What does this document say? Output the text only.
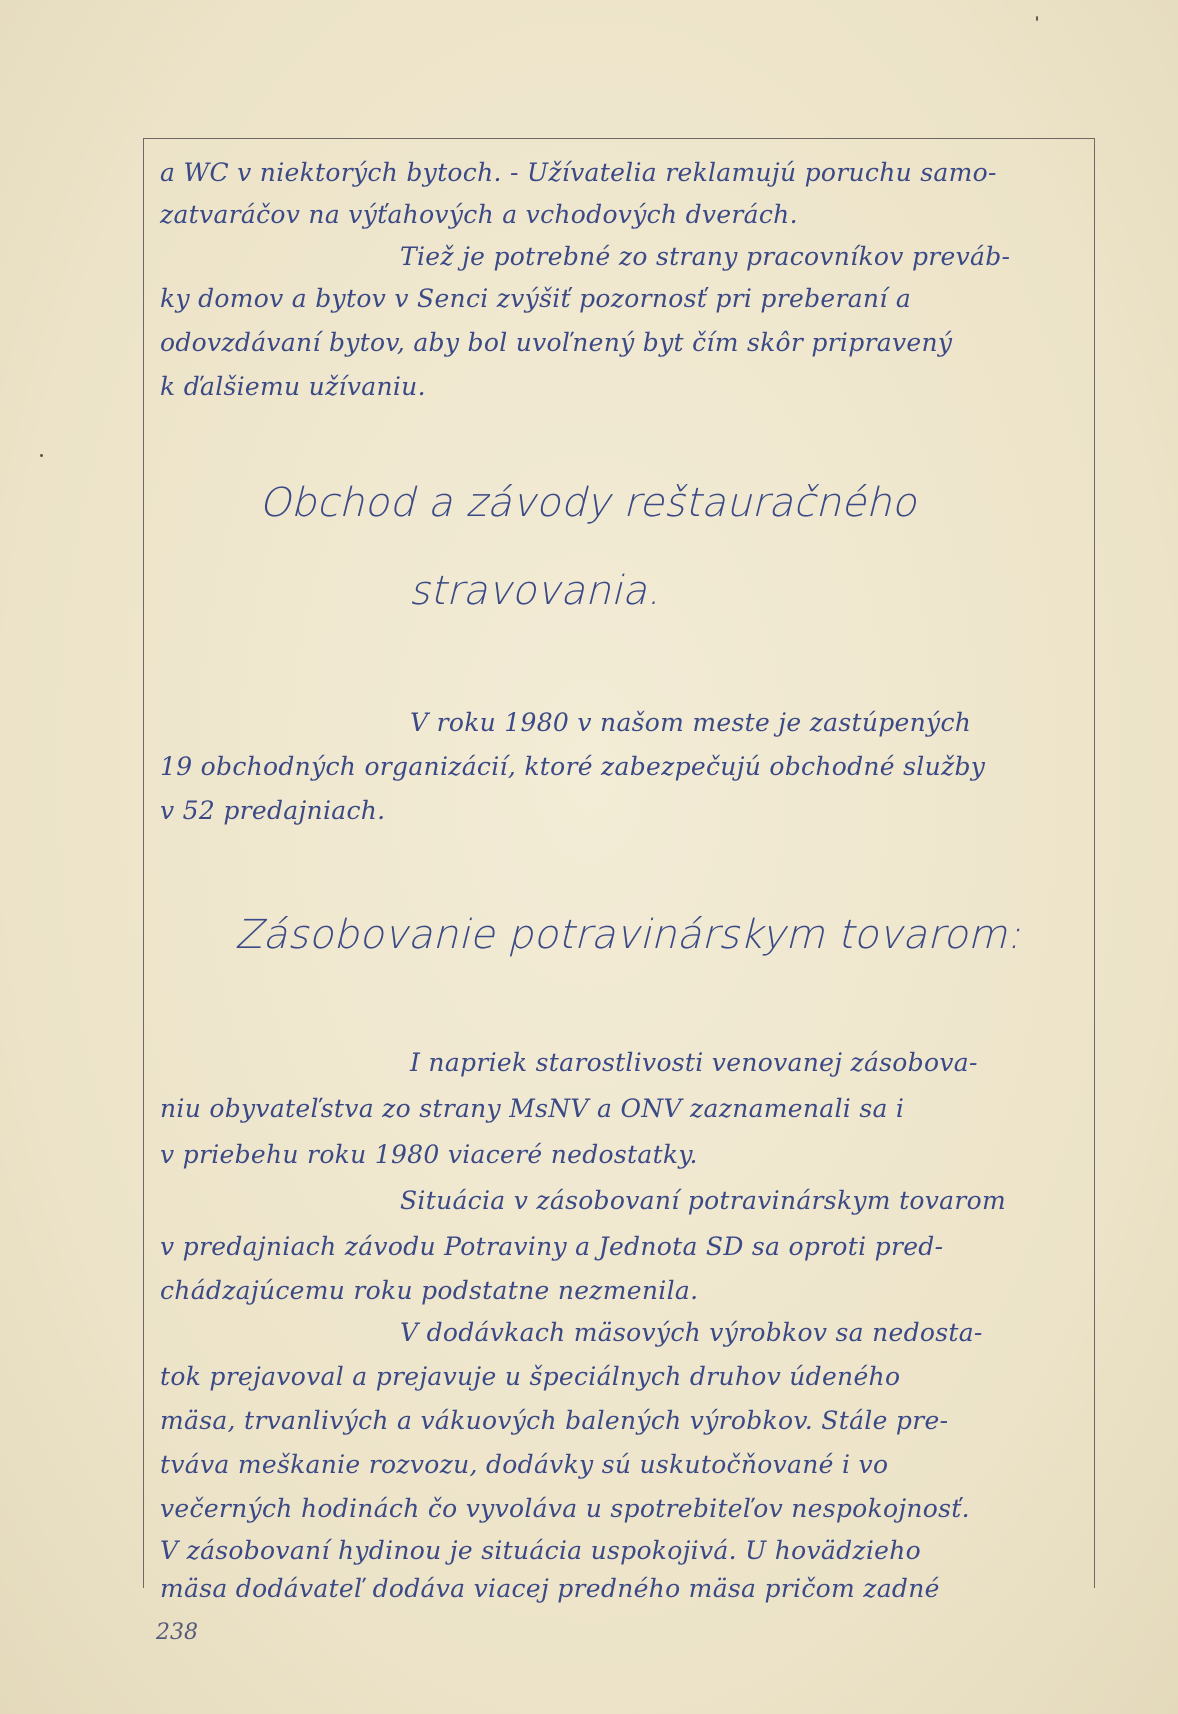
a WC v niektorých bytoch. - Užívatelia reklamujú poruchu samo-
zatvaráčov na výťahových a vchodových dverách.
Tiež je potrebné zo strany pracovníkov preváb-
ky domov a bytov v Senci zvýšiť pozornosť pri preberaní a
odovzdávaní bytov, aby bol uvoľnený byt čím skôr pripravený
k ďalšiemu užívaniu.
Obchod a závody reštauračného
stravovania.
V roku 1980 v našom meste je zastúpených
19 obchodných organizácií, ktoré zabezpečujú obchodné služby
v 52 predajniach.
Zásobovanie potravinárskym tovarom:
I napriek starostlivosti venovanej zásobova-
niu obyvateľstva zo strany MsNV a ONV zaznamenali sa i
v priebehu roku 1980 viaceré nedostatky.
Situácia v zásobovaní potravinárskym tovarom
v predajniach závodu Potraviny a Jednota SD sa oproti pred-
chádzajúcemu roku podstatne nezmenila.
V dodávkach mäsových výrobkov sa nedosta-
tok prejavoval a prejavuje u špeciálnych druhov údeného
mäsa, trvanlivých a vákuových balených výrobkov. Stále pre-
tváva meškanie rozvozu, dodávky sú uskutočňované i vo
večerných hodinách čo vyvoláva u spotrebiteľov nespokojnosť.
V zásobovaní hydinou je situácia uspokojivá. U hovädzieho
mäsa dodávateľ dodáva viacej predného mäsa pričom zadné
238
